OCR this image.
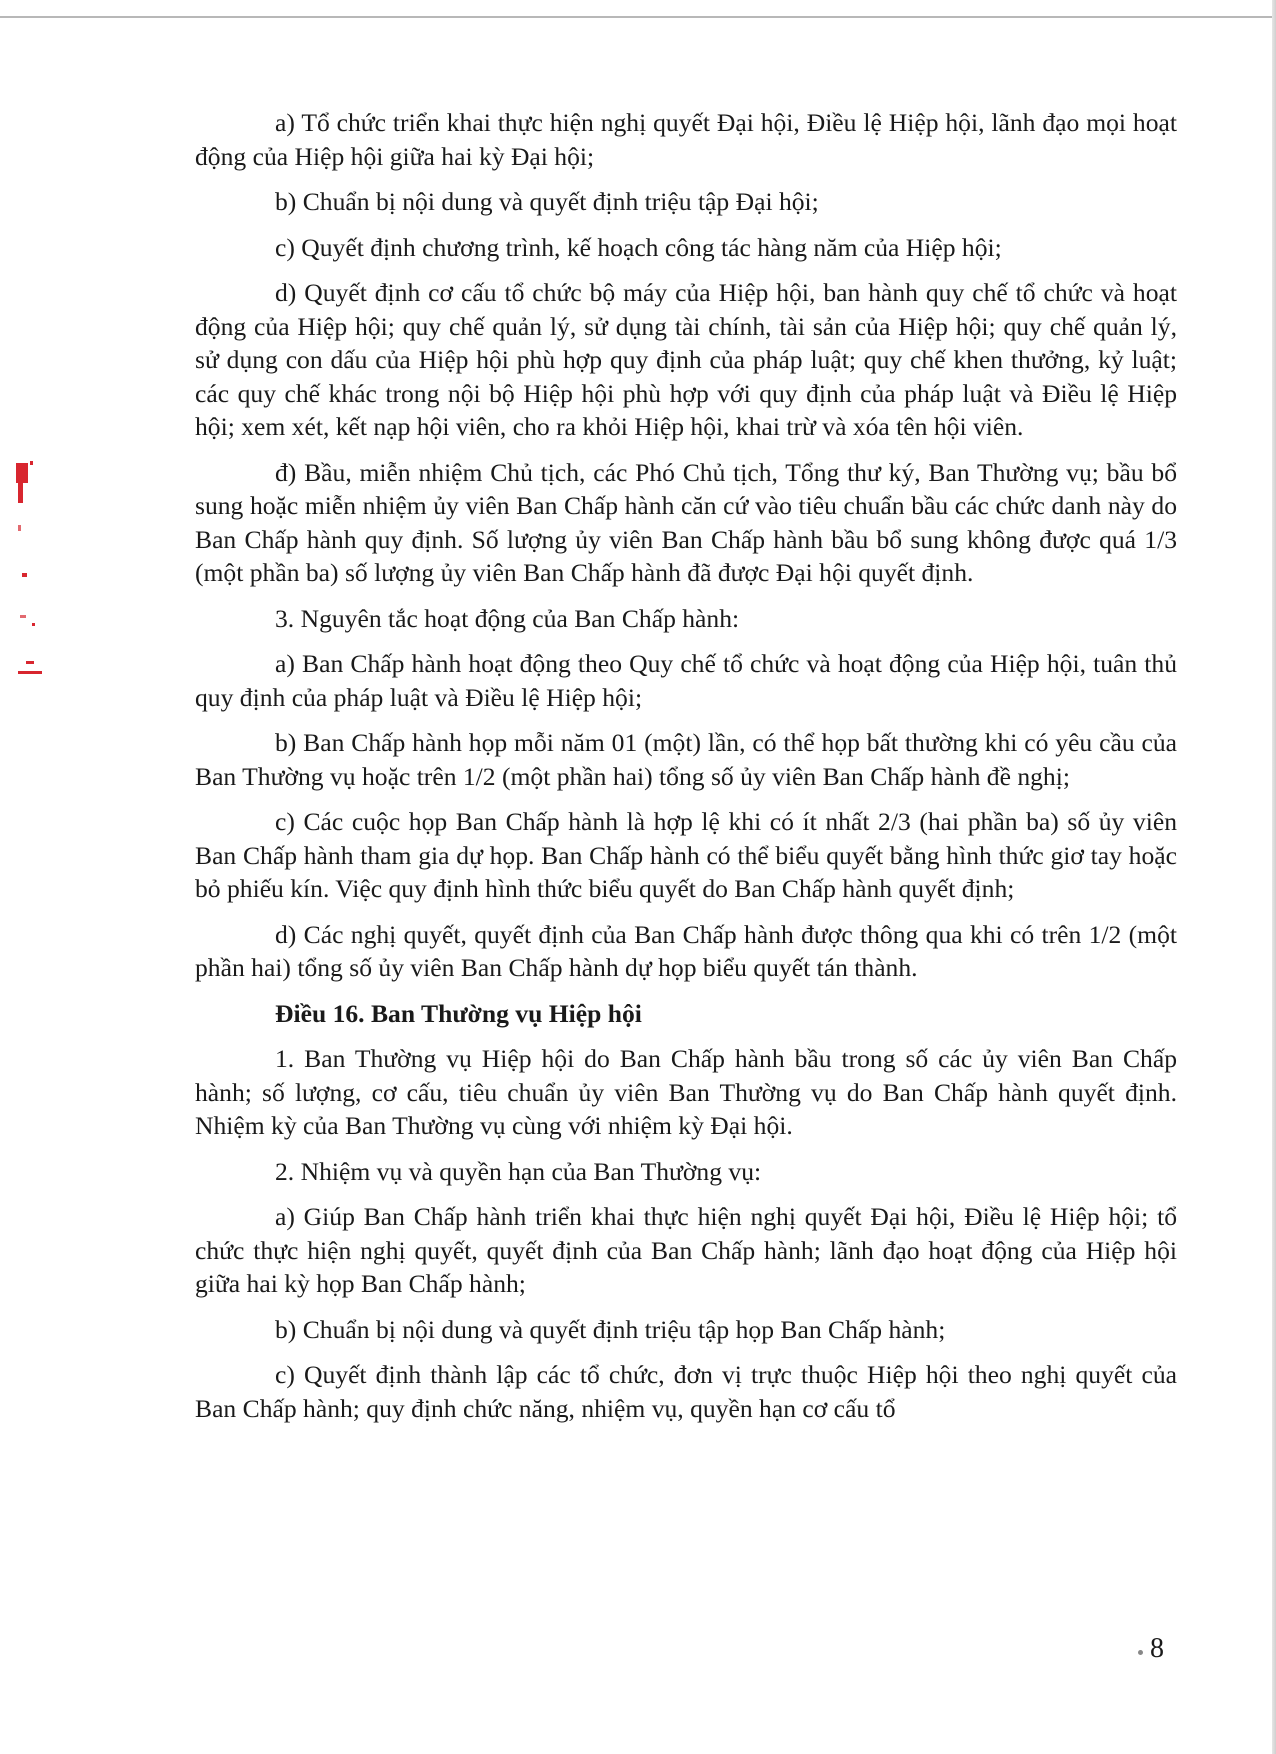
a) Tổ chức triển khai thực hiện nghị quyết Đại hội, Điều lệ Hiệp hội, lãnh đạo mọi hoạt động của Hiệp hội giữa hai kỳ Đại hội;

b) Chuẩn bị nội dung và quyết định triệu tập Đại hội;

c) Quyết định chương trình, kế hoạch công tác hàng năm của Hiệp hội;

d) Quyết định cơ cấu tổ chức bộ máy của Hiệp hội, ban hành quy chế tổ chức và hoạt động của Hiệp hội; quy chế quản lý, sử dụng tài chính, tài sản của Hiệp hội; quy chế quản lý, sử dụng con dấu của Hiệp hội phù hợp quy định của pháp luật; quy chế khen thưởng, kỷ luật; các quy chế khác trong nội bộ Hiệp hội phù hợp với quy định của pháp luật và Điều lệ Hiệp hội; xem xét, kết nạp hội viên, cho ra khỏi Hiệp hội, khai trừ và xóa tên hội viên.

đ) Bầu, miễn nhiệm Chủ tịch, các Phó Chủ tịch, Tổng thư ký, Ban Thường vụ; bầu bổ sung hoặc miễn nhiệm ủy viên Ban Chấp hành căn cứ vào tiêu chuẩn bầu các chức danh này do Ban Chấp hành quy định. Số lượng ủy viên Ban Chấp hành bầu bổ sung không được quá 1/3 (một phần ba) số lượng ủy viên Ban Chấp hành đã được Đại hội quyết định.

3. Nguyên tắc hoạt động của Ban Chấp hành:

a) Ban Chấp hành hoạt động theo Quy chế tổ chức và hoạt động của Hiệp hội, tuân thủ quy định của pháp luật và Điều lệ Hiệp hội;

b) Ban Chấp hành họp mỗi năm 01 (một) lần, có thể họp bất thường khi có yêu cầu của Ban Thường vụ hoặc trên 1/2 (một phần hai) tổng số ủy viên Ban Chấp hành đề nghị;

c) Các cuộc họp Ban Chấp hành là hợp lệ khi có ít nhất 2/3 (hai phần ba) số ủy viên Ban Chấp hành tham gia dự họp. Ban Chấp hành có thể biểu quyết bằng hình thức giơ tay hoặc bỏ phiếu kín. Việc quy định hình thức biểu quyết do Ban Chấp hành quyết định;

d) Các nghị quyết, quyết định của Ban Chấp hành được thông qua khi có trên 1/2 (một phần hai) tổng số ủy viên Ban Chấp hành dự họp biểu quyết tán thành.

Điều 16. Ban Thường vụ Hiệp hội

1. Ban Thường vụ Hiệp hội do Ban Chấp hành bầu trong số các ủy viên Ban Chấp hành; số lượng, cơ cấu, tiêu chuẩn ủy viên Ban Thường vụ do Ban Chấp hành quyết định. Nhiệm kỳ của Ban Thường vụ cùng với nhiệm kỳ Đại hội.

2. Nhiệm vụ và quyền hạn của Ban Thường vụ:

a) Giúp Ban Chấp hành triển khai thực hiện nghị quyết Đại hội, Điều lệ Hiệp hội; tổ chức thực hiện nghị quyết, quyết định của Ban Chấp hành; lãnh đạo hoạt động của Hiệp hội giữa hai kỳ họp Ban Chấp hành;

b) Chuẩn bị nội dung và quyết định triệu tập họp Ban Chấp hành;

c) Quyết định thành lập các tổ chức, đơn vị trực thuộc Hiệp hội theo nghị quyết của Ban Chấp hành; quy định chức năng, nhiệm vụ, quyền hạn cơ cấu tổ

8
